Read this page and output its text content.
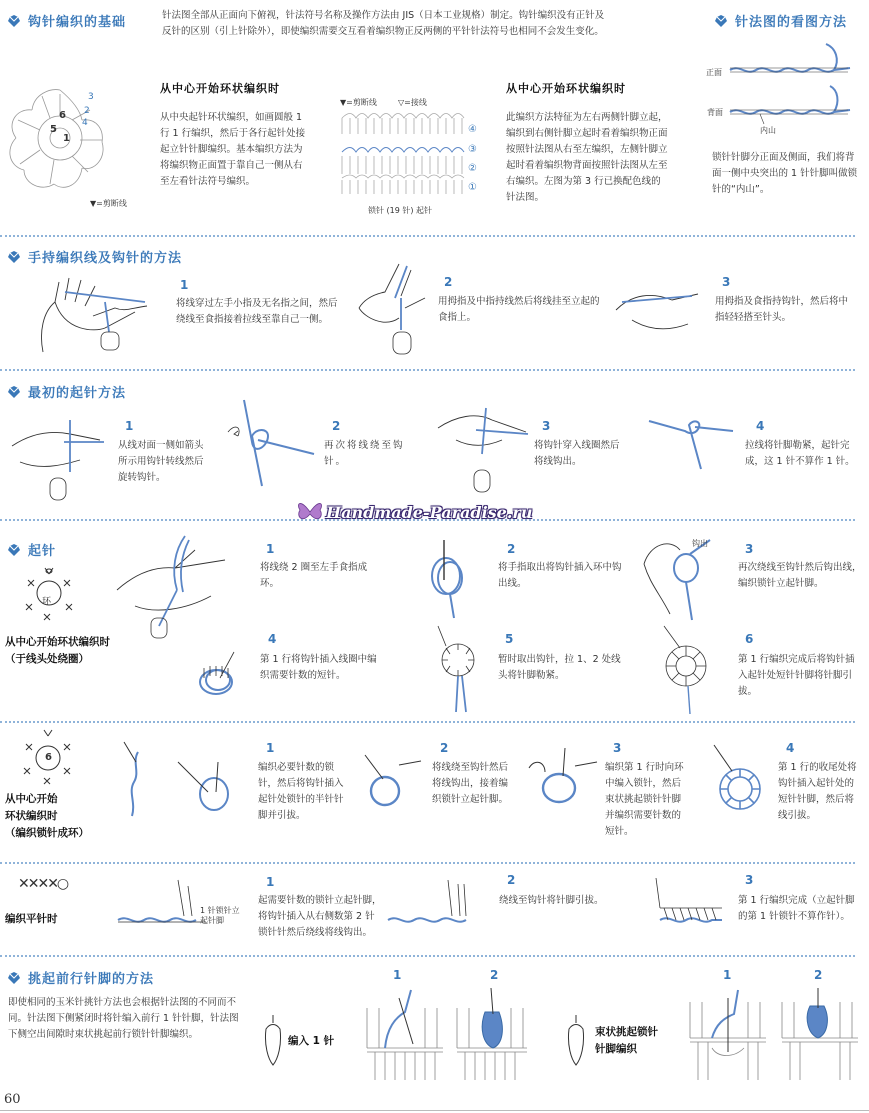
钩针编织的基础	针法图全部从正面向下俯视，针法符号名称及操作方法由 JIS（日本工业规格）制定。钩针编织没有正针及反针的区别（引上针除外），即使编织需要交互看着编织物正反两侧的平针针法符号也相同不会发生变化。
针法图的看图方法
6
5
1
4
3
2
▼=剪断线
从中心开始环状编织时
从中央起针环状编织，如画圆般 1 行 1 行编织，然后于各行起针处接起立针针脚编织。基本编织方法为将编织物正面置于靠自己一侧从右至左看针法符号编织。
▼=剪断线	▽=接线
④
③
②
①
锁针 (19 针) 起针
从中心开始环状编织时
此编织方法特征为左右两侧针脚立起，编织到右侧针脚立起时看着编织物正面按照针法图从右至左编织，左侧针脚立起时看着编织物背面按照针法图从左至右编织。左图为第 3 行已换配色线的针法图。
正面
背面
内山
锁针针脚分正面及侧面，我们将背面一侧中央突出的 1 针针脚叫做锁针的“内山”。
手持编织线及钩针的方法
1
将线穿过左手小指及无名指之间，然后绕线至食指接着拉线至靠自己一侧。
2
用拇指及中指持线然后将线挂至立起的食指上。
3
用拇指及食指持钩针，然后将中指轻轻搭至针头。
最初的起针方法
1
从线对面一侧如箭头所示用钩针转线然后旋转钩针。
2
再次将线绕至钩针。
3
将钩针穿入线圈然后将线钩出。
4
拉线将针脚勒紧，起针完成，这 1 针不算作 1 针。
Handmade-Paradise.ru
起针
环
从中心开始环状编织时
（于线头处绕圈）
1
将线绕 2 圈至左手食指成环。
2
将手指取出将钩针插入环中钩出线。
钩出	3
再次绕线至钩针然后钩出线，编织锁针立起针脚。
4
第 1 行将钩针插入线圈中编织需要针数的短针。
5
暂时取出钩针，拉 1、2 处线头将针脚勒紧。
6
第 1 行编织完成后将钩针插入起针处短针针脚将针脚引拔。
6
从中心开始
环状编织时
（编织锁针成环）
1
编织必要针数的锁针，然后将钩针插入起针处锁针的半针针脚并引拔。
2
将线绕至钩针然后将线钩出，接着编织锁针立起针脚。
3
编织第 1 行时向环中编入锁针，然后束状挑起锁针针脚并编织需要针数的短针。
4
第 1 行的收尾处将钩针插入起针处的短针针脚，然后将线引拔。
✕✕✕✕○
编织平针时
1 针锁针立
起针脚
1
起需要针数的锁针立起针脚，将钩针插入从右侧数第 2 针锁针针然后绕线将线钩出。
2
绕线至钩针将针脚引拔。
3
第 1 行编织完成（立起针脚的第 1 针锁针不算作针）。
挑起前行针脚的方法
即使相同的玉米针挑针方法也会根据针法图的不同而不同。针法图下侧紧闭时将针编入前行 1 针针脚，针法图下侧空出间隙时束状挑起前行锁针针脚编织。
编入 1 针
1	2
束状挑起锁针
针脚编织
1	2
60
